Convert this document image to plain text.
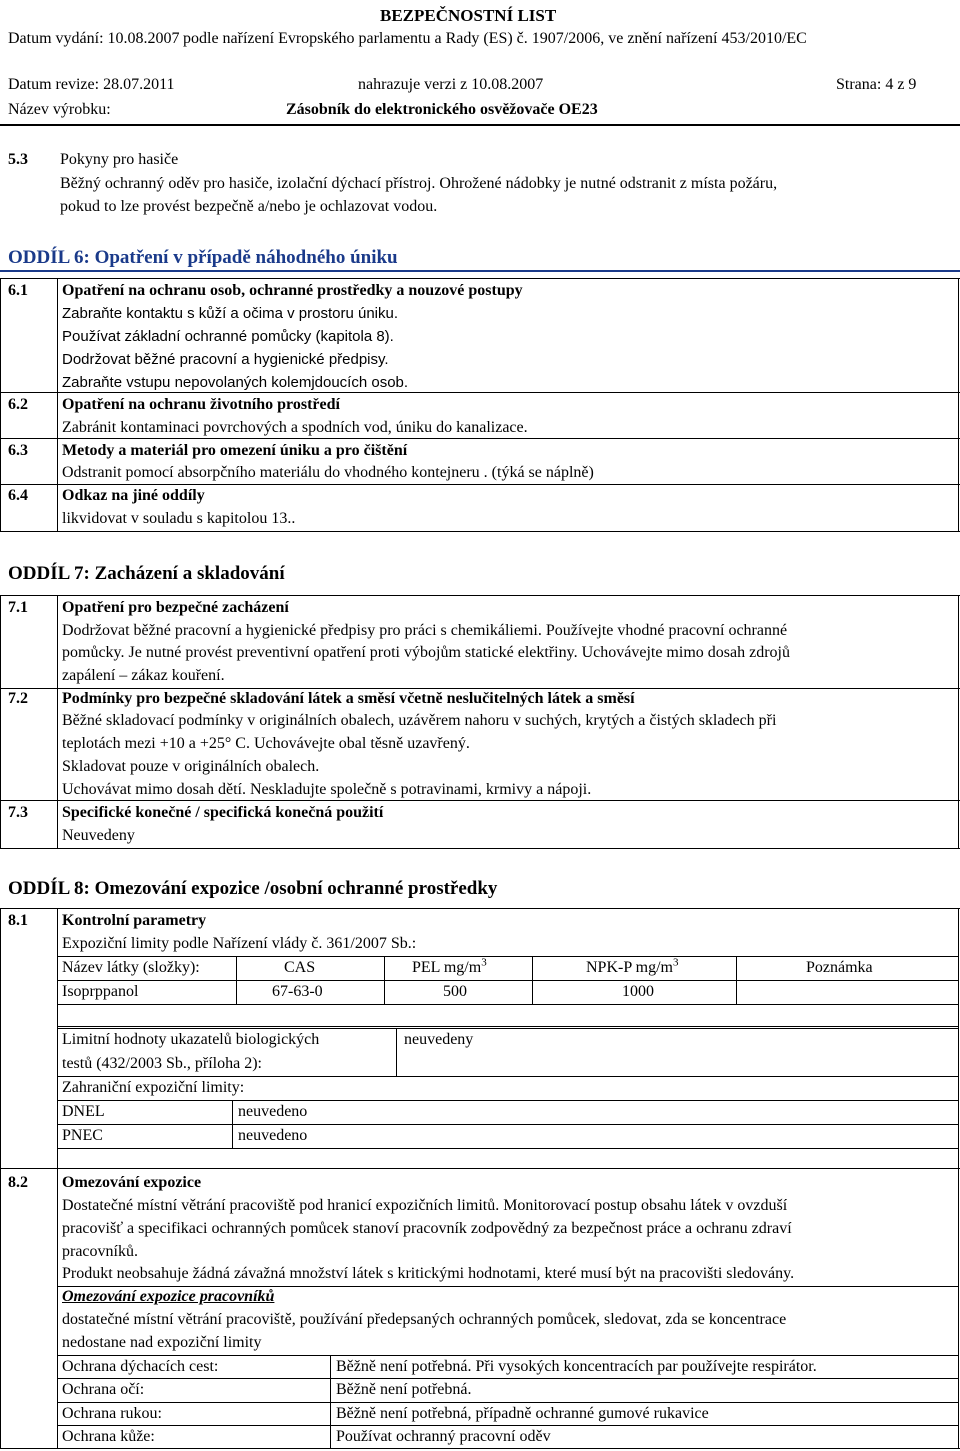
BEZPEČNOSTNÍ LIST
podle nařízení Evropského parlamentu a Rady (ES) č. 1907/2006, ve znění nařízení 453/2010/EC
Datum vydání: 10.08.2007
Datum revize: 28.07.2011	nahrazuje verzi z 10.08.2007	Strana: 4 z 9
Název výrobku:	Zásobník do elektronického osvěžovače OE23
5.3 Pokyny pro hasiče
Běžný ochranný oděv pro hasiče, izolační dýchací přístroj. Ohrožené nádobky je nutné odstranit z místa požáru,
pokud to lze provést bezpečně a/nebo je ochlazovat vodou.
ODDÍL 6: Opatření v případě náhodného úniku
6.1 Opatření na ochranu osob, ochranné prostředky a nouzové postupy
Zabraňte kontaktu s kůží a očima v prostoru úniku.
Používat základní ochranné pomůcky (kapitola 8).
Dodržovat běžné pracovní a hygienické předpisy.
Zabraňte vstupu nepovolaných kolemjdoucích osob.
6.2 Opatření na ochranu životního prostředí
Zabránit kontaminaci povrchových a spodních vod, úniku do kanalizace.
6.3 Metody a materiál pro omezení úniku a pro čištění
Odstranit pomocí absorpčního materiálu do vhodného kontejneru . (týká se náplně)
6.4 Odkaz na jiné oddíly
likvidovat v souladu s kapitolou 13..
ODDÍL 7: Zacházení a skladování
7.1 Opatření pro bezpečné zacházení
Dodržovat běžné pracovní a hygienické předpisy pro práci s chemikáliemi. Používejte vhodné pracovní ochranné
pomůcky. Je nutné provést preventivní opatření proti výbojům statické elektřiny. Uchovávejte mimo dosah zdrojů
zapálení – zákaz kouření.
7.2 Podmínky pro bezpečné skladování látek a směsí včetně neslučitelných látek a směsí
Běžné skladovací podmínky v originálních obalech, uzávěrem nahoru v suchých, krytých a čistých skladech při
teplotách mezi +10 a +25° C. Uchovávejte obal těsně uzavřený.
Skladovat pouze v originálních obalech.
Uchovávat mimo dosah dětí. Neskladujte společně s potravinami, krmivy a nápoji.
7.3 Specifické konečné / specifická konečná použití
Neuvedeny
ODDÍL 8: Omezování expozice /osobní ochranné prostředky
8.1 Kontrolní parametry
Expoziční limity podle Nařízení vlády č. 361/2007 Sb.:
Název látky (složky):	CAS	PEL $mg/m^3$	NPK-P $mg/m^3$	Poznámka
Isoprppanol	67-63-0	500	1000
Limitní hodnoty ukazatelů biologických
testů (432/2003 Sb., příloha 2):
neuvedeny
Zahraniční expoziční limity:
DNEL	neuvedeno
PNEC	neuvedeno
8.2 Omezování expozice
Dostatečné místní větrání pracoviště pod hranicí expozičních limitů. Monitorovací postup obsahu látek v ovzduší
pracovišť a specifikaci ochranných pomůcek stanoví pracovník zodpovědný za bezpečnost práce a ochranu zdraví
pracovníků.
Produkt neobsahuje žádná závažná množství látek s kritickými hodnotami, které musí být na pracovišti sledovány.
Omezování expozice pracovníků
dostatečné místní větrání pracoviště, používání předepsaných ochranných pomůcek, sledovat, zda se koncentrace
nedostane nad expoziční limity
Ochrana dýchacích cest:	Běžně není potřebná. Při vysokých koncentracích par používejte respirátor.
Ochrana očí:	Běžně není potřebná.
Ochrana rukou:	Běžně není potřebná, případně ochranné gumové rukavice
Ochrana kůže:	Používat ochranný pracovní oděv
